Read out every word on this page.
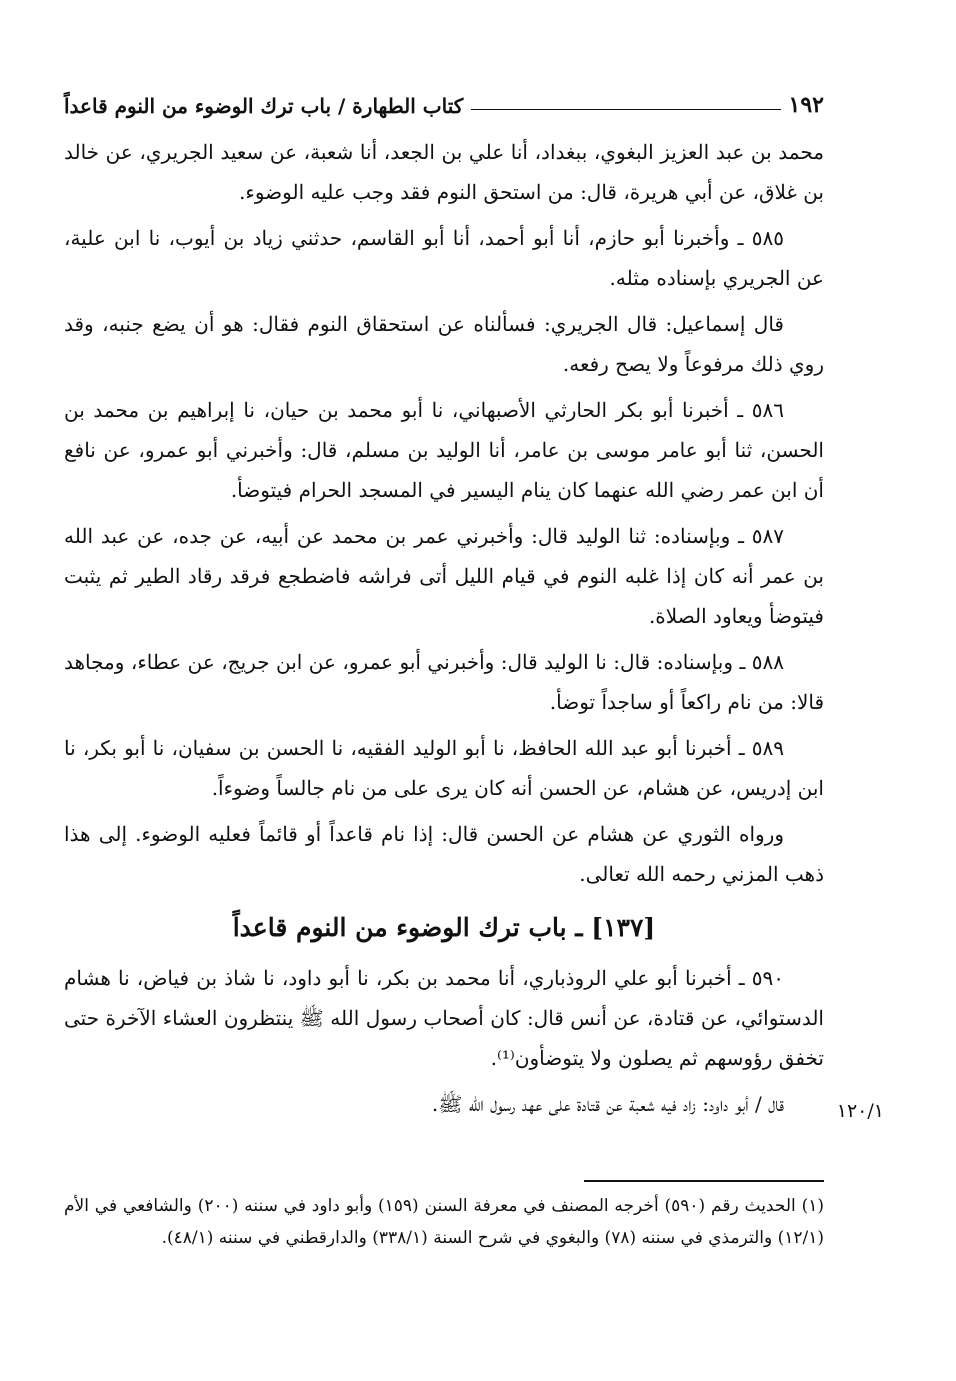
١٩٢
كتاب الطهارة / باب ترك الوضوء من النوم قاعداً

محمد بن عبد العزيز البغوي، ببغداد، أنا علي بن الجعد، أنا شعبة، عن سعيد الجريري، عن خالد بن غلاق، عن أبي هريرة، قال: من استحق النوم فقد وجب عليه الوضوء.

٥٨٥ ـ وأخبرنا أبو حازم، أنا أبو أحمد، أنا أبو القاسم، حدثني زياد بن أيوب، نا ابن علية، عن الجريري بإسناده مثله.

قال إسماعيل: قال الجريري: فسألناه عن استحقاق النوم فقال: هو أن يضع جنبه، وقد روي ذلك مرفوعاً ولا يصح رفعه.

٥٨٦ ـ أخبرنا أبو بكر الحارثي الأصبهاني، نا أبو محمد بن حيان، نا إبراهيم بن محمد بن الحسن، ثنا أبو عامر موسى بن عامر، أنا الوليد بن مسلم، قال: وأخبرني أبو عمرو، عن نافع أن ابن عمر رضي الله عنهما كان ينام اليسير في المسجد الحرام فيتوضأ.

٥٨٧ ـ وبإسناده: ثنا الوليد قال: وأخبرني عمر بن محمد عن أبيه، عن جده، عن عبد الله بن عمر أنه كان إذا غلبه النوم في قيام الليل أتى فراشه فاضطجع فرقد رقاد الطير ثم يثبت فيتوضأ ويعاود الصلاة.

٥٨٨ ـ وبإسناده: قال: نا الوليد قال: وأخبرني أبو عمرو، عن ابن جريج، عن عطاء، ومجاهد قالا: من نام راكعاً أو ساجداً توضأ.

٥٨٩ ـ أخبرنا أبو عبد الله الحافظ، نا أبو الوليد الفقيه، نا الحسن بن سفيان، نا أبو بكر، نا ابن إدريس، عن هشام، عن الحسن أنه كان يرى على من نام جالساً وضوءاً.

ورواه الثوري عن هشام عن الحسن قال: إذا نام قاعداً أو قائماً فعليه الوضوء. إلى هذا ذهب المزني رحمه الله تعالى.

[١٣٧] ـ باب ترك الوضوء من النوم قاعداً

٥٩٠ ـ أخبرنا أبو علي الروذباري، أنا محمد بن بكر، نا أبو داود، نا شاذ بن فياض، نا هشام الدستوائي، عن قتادة، عن أنس قال: كان أصحاب رسول الله ﷺ ينتظرون العشاء الآخرة حتى تخفق رؤوسهم ثم يصلون ولا يتوضأون⁽¹⁾.

قال / أبو داود: زاد فيه شعبة عن قتادة على عهد رسول الله ﷺ.	١٢٠/١
(١) الحديث رقم (٥٩٠) أخرجه المصنف في معرفة السنن (١٥٩) وأبو داود في سننه (٢٠٠) والشافعي في الأم (١٢/١) والترمذي في سننه (٧٨) والبغوي في شرح السنة (٣٣٨/١) والدارقطني في سننه (٤٨/١).
